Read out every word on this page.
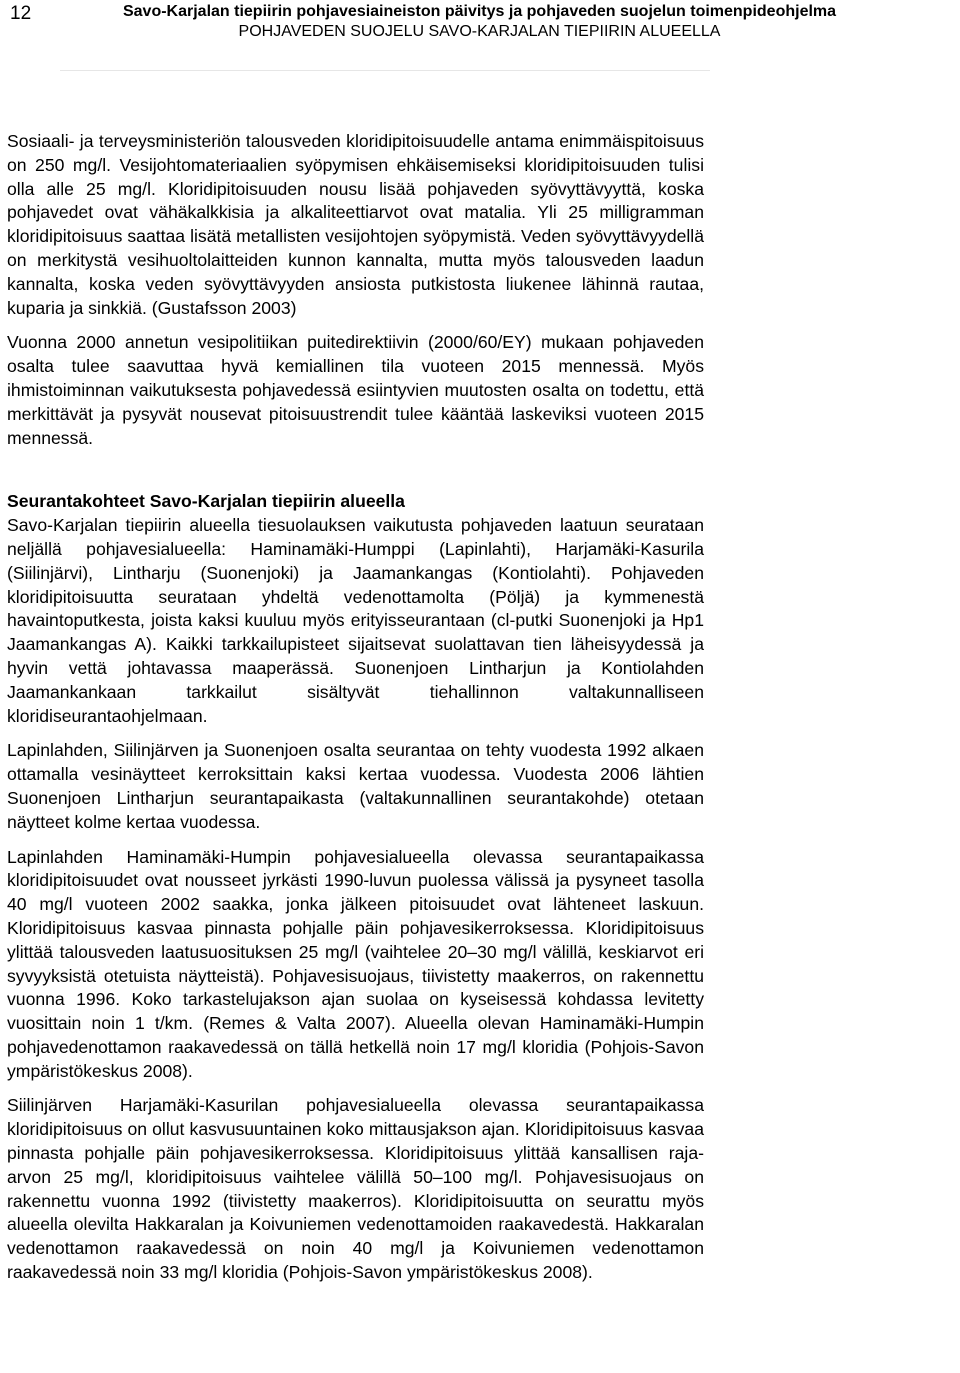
12	Savo-Karjalan tiepiirin pohjavesiaineiston päivitys ja pohjaveden suojelun toimenpideohjelma
POHJAVEDEN SUOJELU SAVO-KARJALAN TIEPIIRIN ALUEELLA

Sosiaali- ja terveysministeriön talousveden kloridipitoisuudelle antama enimmäispitoisuus on 250 mg/l. Vesijohtomateriaalien syöpymisen ehkäisemiseksi kloridipitoisuuden tulisi olla alle 25 mg/l. Kloridipitoisuuden nousu lisää pohjaveden syövyttävyyttä, koska pohjavedet ovat vähäkalkkisia ja alkaliteettiarvot ovat matalia. Yli 25 milligramman kloridipitoisuus saattaa lisätä metallisten vesijohtojen syöpymistä. Veden syövyttävyydellä on merkitystä vesihuoltolaitteiden kunnon kannalta, mutta myös talousveden laadun kannalta, koska veden syövyttävyyden ansiosta putkistosta liukenee lähinnä rautaa, kuparia ja sinkkiä. (Gustafsson 2003)

Vuonna 2000 annetun vesipolitiikan puitedirektiivin (2000/60/EY) mukaan pohjaveden osalta tulee saavuttaa hyvä kemiallinen tila vuoteen 2015 mennessä. Myös ihmistoiminnan vaikutuksesta pohjavedessä esiintyvien muutosten osalta on todettu, että merkittävät ja pysyvät nousevat pitoisuustrendit tulee kääntää laskeviksi vuoteen 2015 mennessä.

Seurantakohteet Savo-Karjalan tiepiirin alueella

Savo-Karjalan tiepiirin alueella tiesuolauksen vaikutusta pohjaveden laatuun seurataan neljällä pohjavesialueella: Haminamäki-Humppi (Lapinlahti), Harjamäki-Kasurila (Siilinjärvi), Lintharju (Suonenjoki) ja Jaamankangas (Kontiolahti). Pohjaveden kloridipitoisuutta seurataan yhdeltä vedenottamolta (Pöljä) ja kymmenestä havaintoputkesta, joista kaksi kuuluu myös erityisseurantaan (cl-putki Suonenjoki ja Hp1 Jaamankangas A). Kaikki tarkkailupisteet sijaitsevat suolattavan tien läheisyydessä ja hyvin vettä johtavassa maaperässä. Suonenjoen Lintharjun ja Kontiolahden Jaamankankaan tarkkailut sisältyvät tiehallinnon valtakunnalliseen kloridiseurantaohjelmaan.

Lapinlahden, Siilinjärven ja Suonenjoen osalta seurantaa on tehty vuodesta 1992 alkaen ottamalla vesinäytteet kerroksittain kaksi kertaa vuodessa. Vuodesta 2006 lähtien Suonenjoen Lintharjun seurantapaikasta (valtakunnallinen seurantakohde) otetaan näytteet kolme kertaa vuodessa.

Lapinlahden Haminamäki-Humpin pohjavesialueella olevassa seurantapaikassa kloridipitoisuudet ovat nousseet jyrkästi 1990-luvun puolessa välissä ja pysyneet tasolla 40 mg/l vuoteen 2002 saakka, jonka jälkeen pitoisuudet ovat lähteneet laskuun. Kloridipitoisuus kasvaa pinnasta pohjalle päin pohjavesikerroksessa. Kloridipitoisuus ylittää talousveden laatusuosituksen 25 mg/l (vaihtelee 20–30 mg/l välillä, keskiarvot eri syvyyksistä otetuista näytteistä). Pohjavesisuojaus, tiivistetty maakerros, on rakennettu vuonna 1996. Koko tarkastelujakson ajan suolaa on kyseisessä kohdassa levitetty vuosittain noin 1 t/km. (Remes & Valta 2007). Alueella olevan Haminamäki-Humpin pohjavedenottamon raakavedessä on tällä hetkellä noin 17 mg/l kloridia (Pohjois-Savon ympäristökeskus 2008).

Siilinjärven Harjamäki-Kasurilan pohjavesialueella olevassa seurantapaikassa kloridipitoisuus on ollut kasvusuuntainen koko mittausjakson ajan. Kloridipitoisuus kasvaa pinnasta pohjalle päin pohjavesikerroksessa. Kloridipitoisuus ylittää kansallisen raja-arvon 25 mg/l, kloridipitoisuus vaihtelee välillä 50–100 mg/l. Pohjavesisuojaus on rakennettu vuonna 1992 (tiivistetty maakerros). Kloridipitoisuutta on seurattu myös alueella olevilta Hakkaralan ja Koivuniemen vedenottamoiden raakavedestä. Hakkaralan vedenottamon raakavedessä on noin 40 mg/l ja Koivuniemen vedenottamon raakavedessä noin 33 mg/l kloridia (Pohjois-Savon ympäristökeskus 2008).
